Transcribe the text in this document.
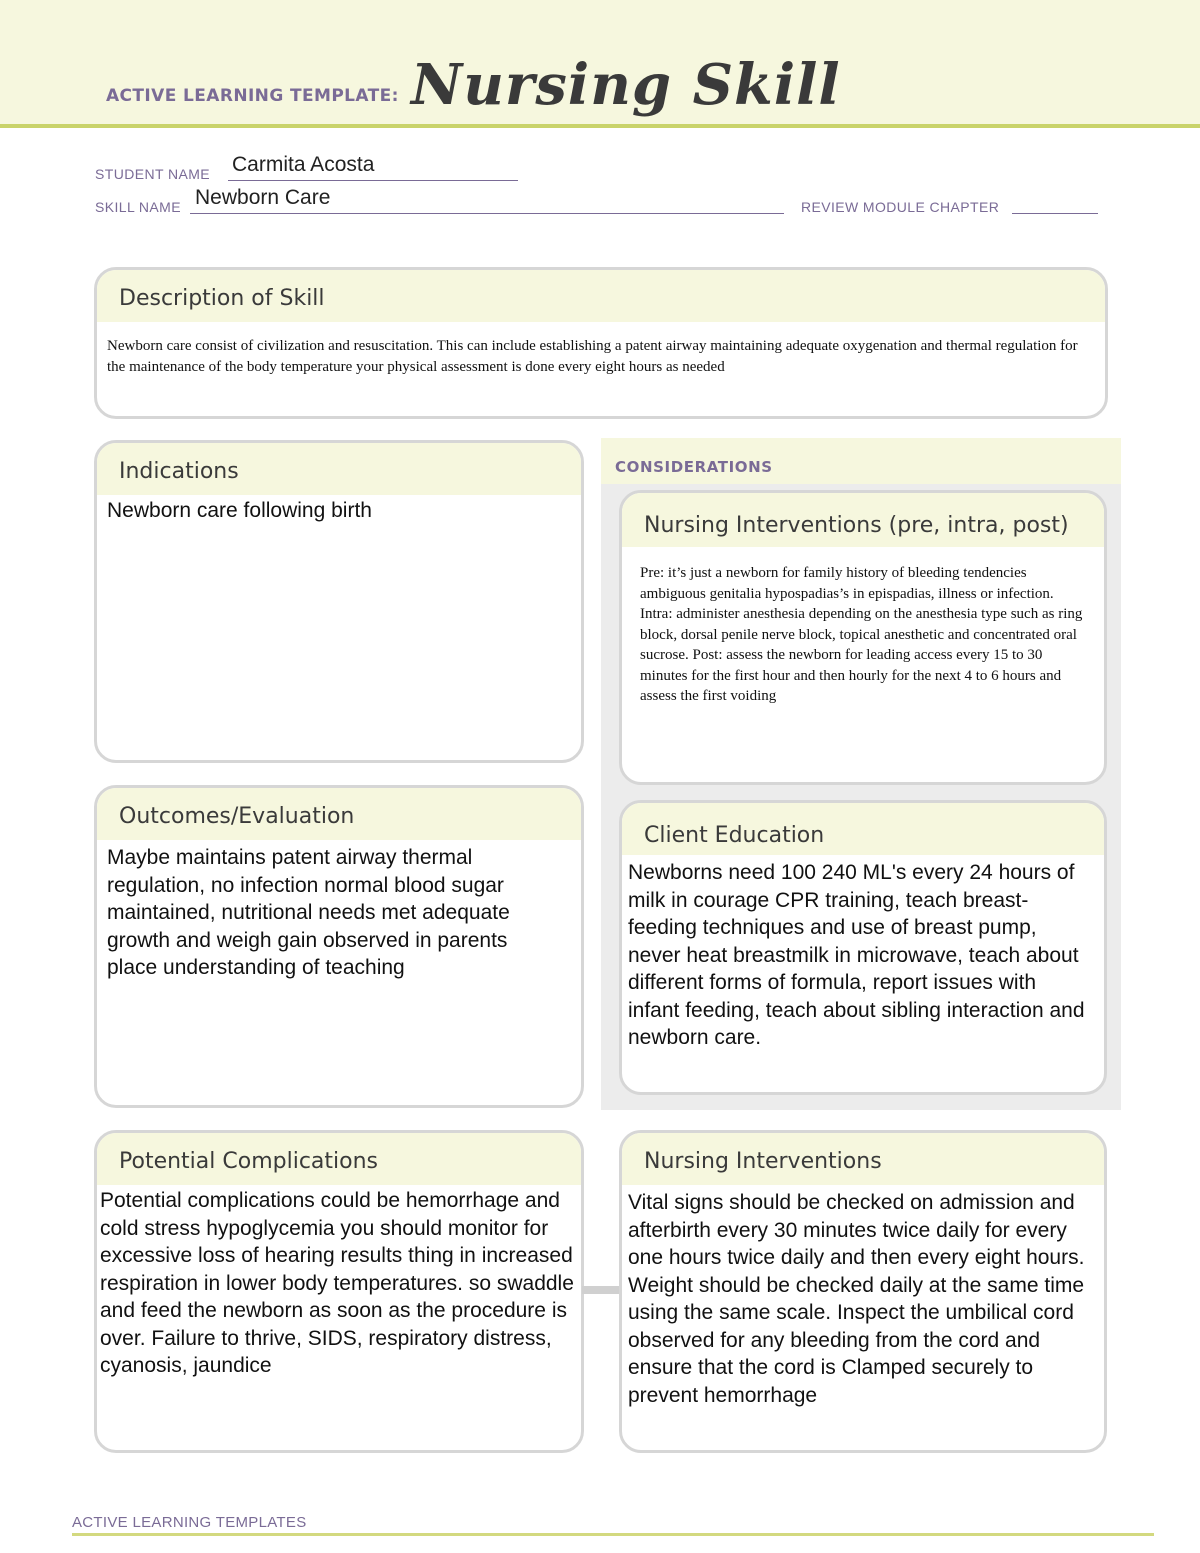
ACTIVE LEARNING TEMPLATE: Nursing Skill
STUDENT NAME Carmita Acosta
SKILL NAME Newborn Care	REVIEW MODULE CHAPTER
Description of Skill
Newborn care consist of civilization and resuscitation. This can include establishing a patent airway maintaining adequate oxygenation and thermal regulation for the maintenance of the body temperature your physical assessment is done every eight hours as needed
Indications
Newborn care following birth
CONSIDERATIONS
Nursing Interventions (pre, intra, post)
Pre: it’s just a newborn for family history of bleeding tendencies ambiguous genitalia hypospadias’s in epispadias, illness or infection. Intra: administer anesthesia depending on the anesthesia type such as ring block, dorsal penile nerve block, topical anesthetic and concentrated oral sucrose. Post: assess the newborn for leading access every 15 to 30 minutes for the first hour and then hourly for the next 4 to 6 hours and assess the first voiding
Outcomes/Evaluation
Maybe maintains patent airway thermal regulation, no infection normal blood sugar maintained, nutritional needs met adequate growth and weigh gain observed in parents place understanding of teaching
Client Education
Newborns need 100 240 ML's every 24 hours of milk in courage CPR training, teach breast-feeding techniques and use of breast pump, never heat breastmilk in microwave, teach about different forms of formula, report issues with infant feeding, teach about sibling interaction and newborn care.
Potential Complications
Potential complications could be hemorrhage and cold stress hypoglycemia you should monitor for excessive loss of hearing results thing in increased respiration in lower body temperatures. so swaddle and feed the newborn as soon as the procedure is over. Failure to thrive, SIDS, respiratory distress, cyanosis, jaundice
Nursing Interventions
Vital signs should be checked on admission and afterbirth every 30 minutes twice daily for every one hours twice daily and then every eight hours. Weight should be checked daily at the same time using the same scale. Inspect the umbilical cord observed for any bleeding from the cord and ensure that the cord is Clamped securely to prevent hemorrhage
ACTIVE LEARNING TEMPLATES
